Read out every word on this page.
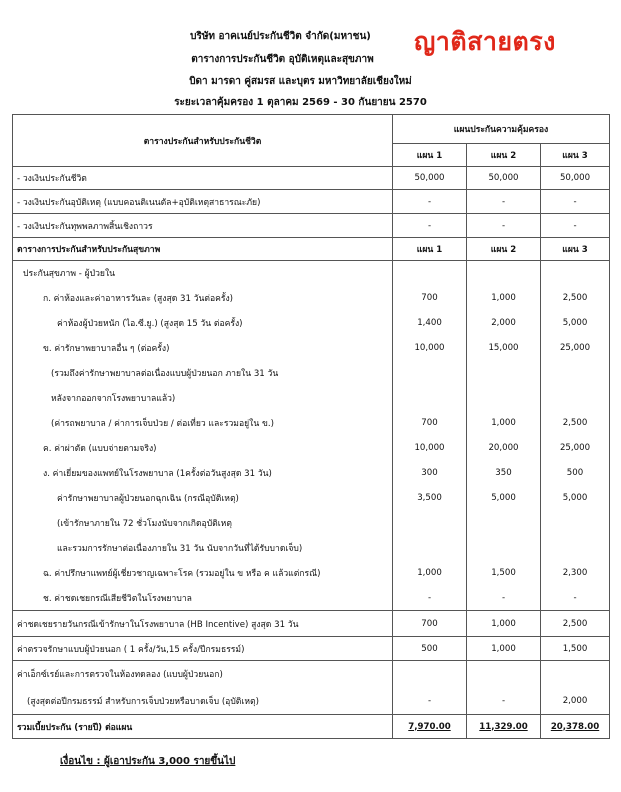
บริษัท อาคเนย์ประกันชีวิต จำกัด(มหาชน)	ญาติสายตรง
ตารางการประกันชีวิต อุบัติเหตุและสุขภาพ
บิดา มารดา คู่สมรส และบุตร มหาวิทยาลัยเชียงใหม่
ระยะเวลาคุ้มครอง 1 ตุลาคม 2569 - 30 กันยายน 2570
ตารางประกันสำหรับประกันชีวิต	แผนประกันความคุ้มครอง		
	แผน 1	แผน 2	แผน 3
- วงเงินประกันชีวิต	50,000	50,000	50,000
- วงเงินประกันอุบัติเหตุ (แบบคอนติเนนตัล+อุบัติเหตุสาธารณะภัย)	-	-	-
- วงเงินประกันทุพพลภาพสิ้นเชิงถาวร	-	-	-
ตารางการประกันสำหรับประกันสุขภาพ	แผน 1	แผน 2	แผน 3
ประกันสุขภาพ - ผู้ป่วยใน			
ก. ค่าห้องและค่าอาหารวันละ (สูงสุด 31 วันต่อครั้ง)	700	1,000	2,500
ค่าห้องผู้ป่วยหนัก (ไอ.ซี.ยู.) (สูงสุด 15 วัน ต่อครั้ง)	1,400	2,000	5,000
ข. ค่ารักษาพยาบาลอื่น ๆ (ต่อครั้ง)	10,000	15,000	25,000
(รวมถึงค่ารักษาพยาบาลต่อเนื่องแบบผู้ป่วยนอก ภายใน 31 วัน			
หลังจากออกจากโรงพยาบาลแล้ว)			
(ค่ารถพยาบาล / ค่าการเจ็บป่วย / ต่อเที่ยว และรวมอยู่ใน ข.)	700	1,000	2,500
ค. ค่าผ่าตัด (แบบจ่ายตามจริง)	10,000	20,000	25,000
ง. ค่าเยี่ยมของแพทย์ในโรงพยาบาล (1ครั้งต่อวันสูงสุด 31 วัน)	300	350	500
ค่ารักษาพยาบาลผู้ป่วยนอกฉุกเฉิน (กรณีอุบัติเหตุ)	3,500	5,000	5,000
(เข้ารักษาภายใน 72 ชั่วโมงนับจากเกิดอุบัติเหตุ			
และรวมการรักษาต่อเนื่องภายใน 31 วัน นับจากวันที่ได้รับบาดเจ็บ)			
ฉ. ค่าปรึกษาแพทย์ผู้เชี่ยวชาญเฉพาะโรค (รวมอยู่ใน ข หรือ ค แล้วแต่กรณี)	1,000	1,500	2,300
ช. ค่าชดเชยกรณีเสียชีวิตในโรงพยาบาล	-	-	-
ค่าชดเชยรายวันกรณีเข้ารักษาในโรงพยาบาล (HB Incentive) สูงสุด 31 วัน	700	1,000	2,500
ค่าตรวจรักษาแบบผู้ป่วยนอก ( 1 ครั้ง/วัน,15 ครั้ง/ปีกรมธรรม์)	500	1,000	1,500
ค่าเอ็กซ์เรย์และการตรวจในห้องทดลอง (แบบผู้ป่วยนอก)			
(สูงสุดต่อปีกรมธรรม์ สำหรับการเจ็บป่วยหรือบาดเจ็บ (อุบัติเหตุ)	-	-	2,000
รวมเบี้ยประกัน (รายปี) ต่อแผน	7,970.00	11,329.00	20,378.00
เงื่อนไข : ผู้เอาประกัน 3,000 รายขึ้นไป
